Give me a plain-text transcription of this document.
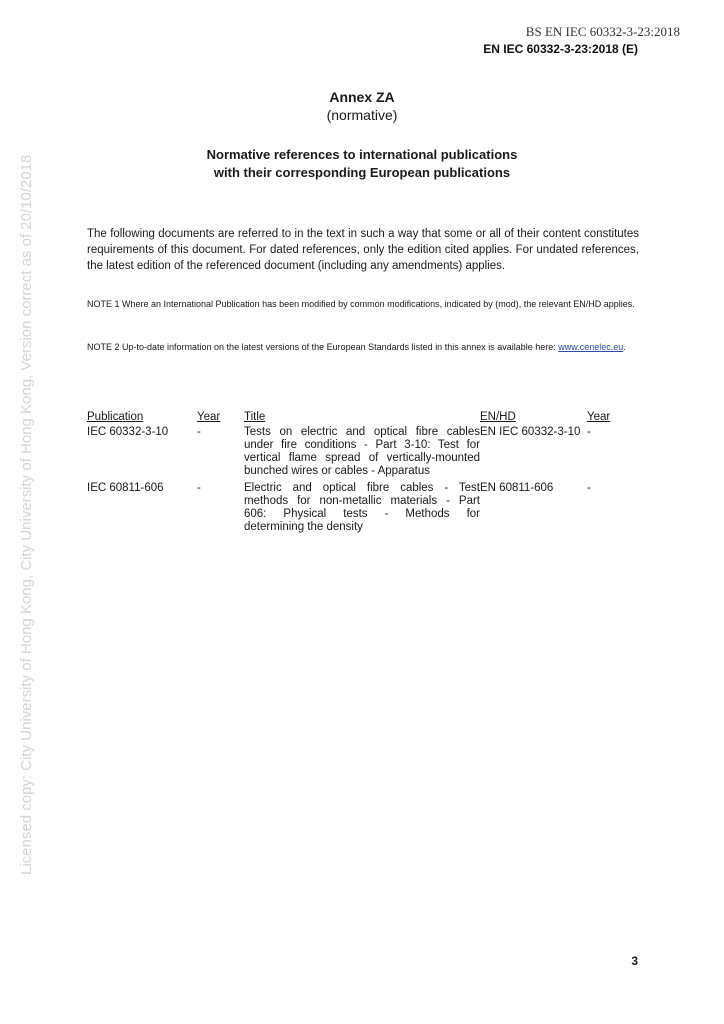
BS EN IEC 60332-3-23:2018
EN IEC 60332-3-23:2018 (E)
Annex ZA
(normative)
Normative references to international publications
with their corresponding European publications
The following documents are referred to in the text in such a way that some or all of their content constitutes requirements of this document. For dated references, only the edition cited applies. For undated references, the latest edition of the referenced document (including any amendments) applies.
NOTE 1 Where an International Publication has been modified by common modifications, indicated by (mod), the relevant EN/HD applies.
NOTE 2 Up-to-date information on the latest versions of the European Standards listed in this annex is available here: www.cenelec.eu.
Publication	Year Title	EN/HD	Year
IEC 60332-3-10	-	Tests on electric and optical fibre cables
under fire conditions - Part 3-10: Test for
vertical flame spread of vertically-mounted
bunched wires or cables - Apparatus
EN IEC 60332-3-10 -
IEC 60811-606	-	Electric and optical fibre cables - Test
methods for non-metallic materials - Part
606: Physical tests - Methods for
determining the density
EN 60811-606	-
Licensed copy: City University of Hong Kong, City University of Hong Kong, Version correct as of 20/10/2018
3
